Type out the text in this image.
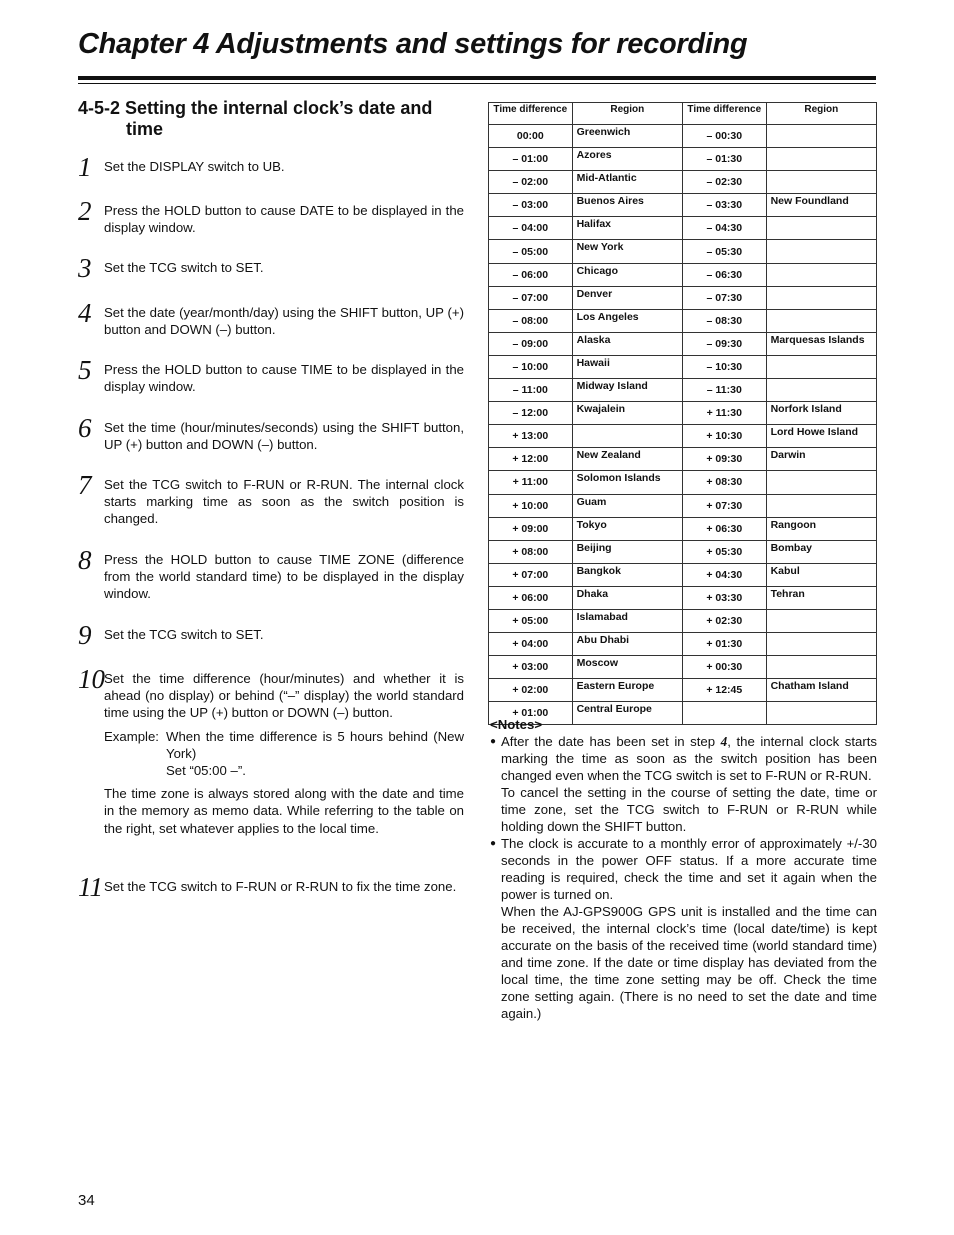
Chapter 4 Adjustments and settings for recording
4-5-2 Setting the internal clock’s date and
time
1 Set the DISPLAY switch to UB.
2 Press the HOLD button to cause DATE to be displayed in the display window.
3 Set the TCG switch to SET.
4 Set the date (year/month/day) using the SHIFT button, UP (+) button and DOWN (–) button.
5 Press the HOLD button to cause TIME to be displayed in the display window.
6 Set the time (hour/minutes/seconds) using the SHIFT button, UP (+) button and DOWN (–) button.
7 Set the TCG switch to F-RUN or R-RUN. The internal clock starts marking time as soon as the switch position is changed.
8 Press the HOLD button to cause TIME ZONE (difference from the world standard time) to be displayed in the display window.
9 Set the TCG switch to SET.
10 Set the time difference (hour/minutes) and whether it is ahead (no display) or behind (“–” display) the world standard time using the UP (+) button or DOWN (–) button.

Example: When the time difference is 5 hours behind (New York)
Set “05:00 –”.

The time zone is always stored along with the date and time in the memory as memo data. While referring to the table on the right, set whatever applies to the local time.

11 Set the TCG switch to F-RUN or R-RUN to fix the time zone.
Time difference	Region	Time difference	Region
00:00	Greenwich	– 00:30	
– 01:00	Azores	– 01:30	
– 02:00	Mid-Atlantic	– 02:30	
– 03:00	Buenos Aires	– 03:30	New Foundland
– 04:00	Halifax	– 04:30	
– 05:00	New York	– 05:30	
– 06:00	Chicago	– 06:30	
– 07:00	Denver	– 07:30	
– 08:00	Los Angeles	– 08:30	
– 09:00	Alaska	– 09:30	Marquesas Islands
– 10:00	Hawaii	– 10:30	
– 11:00	Midway Island	– 11:30	
– 12:00	Kwajalein	+ 11:30	Norfork Island
+ 13:00		+ 10:30	Lord Howe Island
+ 12:00	New Zealand	+ 09:30	Darwin
+ 11:00	Solomon Islands	+ 08:30	
+ 10:00	Guam	+ 07:30	
+ 09:00	Tokyo	+ 06:30	Rangoon
+ 08:00	Beijing	+ 05:30	Bombay
+ 07:00	Bangkok	+ 04:30	Kabul
+ 06:00	Dhaka	+ 03:30	Tehran
+ 05:00	Islamabad	+ 02:30	
+ 04:00	Abu Dhabi	+ 01:30	
+ 03:00	Moscow	+ 00:30	
+ 02:00	Eastern Europe	+ 12:45	Chatham Island
+ 01:00	Central Europe		
<Notes>
● After the date has been set in step 4, the internal clock starts marking the time as soon as the switch position has been changed even when the TCG switch is set to F-RUN or R-RUN.

To cancel the setting in the course of setting the date, time or time zone, set the TCG switch to F-RUN or R-RUN while holding down the SHIFT button.

● The clock is accurate to a monthly error of approximately +/-30 seconds in the power OFF status. If a more accurate time reading is required, check the time and set it again when the power is turned on.

When the AJ-GPS900G GPS unit is installed and the time can be received, the internal clock’s time (local date/time) is kept accurate on the basis of the received time (world standard time) and time zone. If the date or time display has deviated from the local time, the time zone setting may be off. Check the time zone setting again. (There is no need to set the date and time again.)

34
